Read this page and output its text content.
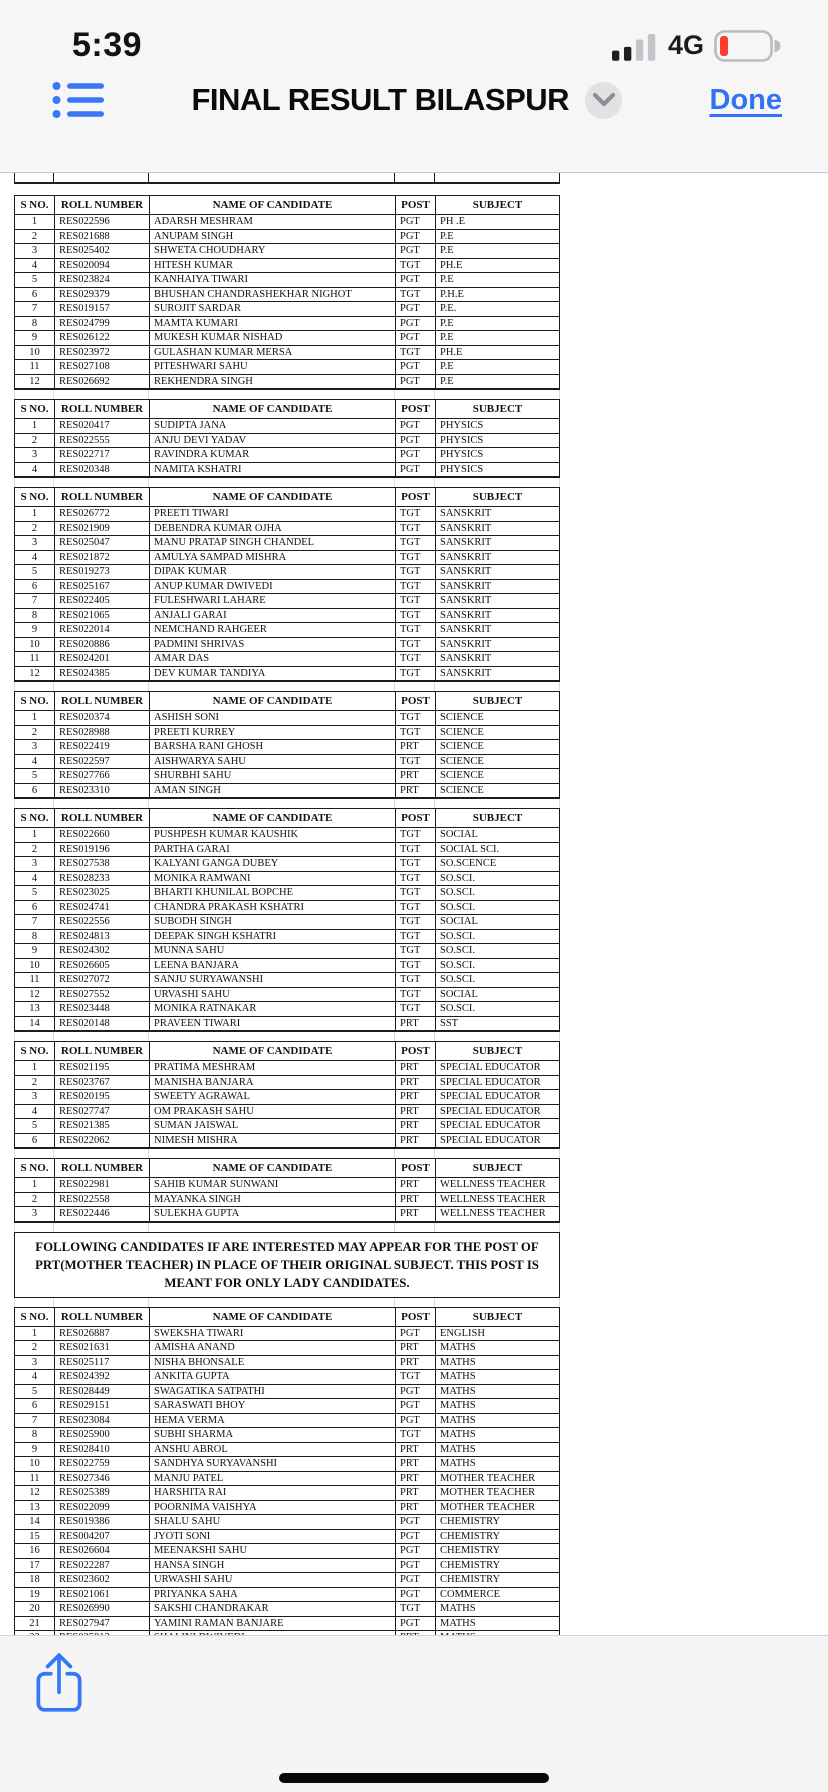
5:39	4G
FINAL RESULT BILASPUR	Done
S NO.	ROLL NUMBER	NAME OF CANDIDATE	POST	SUBJECT
1	RES022596	ADARSH MESHRAM	PGT	PH .E
2	RES021688	ANUPAM SINGH	PGT	P.E
3	RES025402	SHWETA CHOUDHARY	PGT	P.E
4	RES020094	HITESH KUMAR	TGT	PH.E
5	RES023824	KANHAIYA TIWARI	PGT	P.E
6	RES029379	BHUSHAN CHANDRASHEKHAR NIGHOT	TGT	P.H.E
7	RES019157	SUROJIT SARDAR	PGT	P.E.
8	RES024799	MAMTA KUMARI	PGT	P.E
9	RES026122	MUKESH KUMAR NISHAD	PGT	P.E
10	RES023972	GULASHAN KUMAR MERSA	TGT	PH.E
11	RES027108	PITESHWARI SAHU	PGT	P.E
12	RES026692	REKHENDRA SINGH	PGT	P.E
S NO.	ROLL NUMBER	NAME OF CANDIDATE	POST	SUBJECT
1	RES020417	SUDIPTA JANA	PGT	PHYSICS
2	RES022555	ANJU DEVI YADAV	PGT	PHYSICS
3	RES022717	RAVINDRA KUMAR	PGT	PHYSICS
4	RES020348	NAMITA KSHATRI	PGT	PHYSICS
S NO.	ROLL NUMBER	NAME OF CANDIDATE	POST	SUBJECT
1	RES026772	PREETI TIWARI	TGT	SANSKRIT
2	RES021909	DEBENDRA KUMAR OJHA	TGT	SANSKRIT
3	RES025047	MANU PRATAP SINGH CHANDEL	TGT	SANSKRIT
4	RES021872	AMULYA SAMPAD MISHRA	TGT	SANSKRIT
5	RES019273	DIPAK KUMAR	TGT	SANSKRIT
6	RES025167	ANUP KUMAR DWIVEDI	TGT	SANSKRIT
7	RES022405	FULESHWARI LAHARE	TGT	SANSKRIT
8	RES021065	ANJALI GARAI	TGT	SANSKRIT
9	RES022014	NEMCHAND RAHGEER	TGT	SANSKRIT
10	RES020886	PADMINI SHRIVAS	TGT	SANSKRIT
11	RES024201	AMAR DAS	TGT	SANSKRIT
12	RES024385	DEV KUMAR TANDIYA	TGT	SANSKRIT
S NO.	ROLL NUMBER	NAME OF CANDIDATE	POST	SUBJECT
1	RES020374	ASHISH SONI	TGT	SCIENCE
2	RES028988	PREETI KURREY	TGT	SCIENCE
3	RES022419	BARSHA RANI GHOSH	PRT	SCIENCE
4	RES022597	AISHWARYA SAHU	TGT	SCIENCE
5	RES027766	SHURBHI SAHU	PRT	SCIENCE
6	RES023310	AMAN SINGH	PRT	SCIENCE
S NO.	ROLL NUMBER	NAME OF CANDIDATE	POST	SUBJECT
1	RES022660	PUSHPESH KUMAR KAUSHIK	TGT	SOCIAL
2	RES019196	PARTHA GARAI	TGT	SOCIAL SCI.
3	RES027538	KALYANI GANGA DUBEY	TGT	SO.SCENCE
4	RES028233	MONIKA RAMWANI	TGT	SO.SCI.
5	RES023025	BHARTI KHUNILAL BOPCHE	TGT	SO.SCI.
6	RES024741	CHANDRA PRAKASH KSHATRI	TGT	SO.SCI.
7	RES022556	SUBODH SINGH	TGT	SOCIAL
8	RES024813	DEEPAK SINGH KSHATRI	TGT	SO.SCI.
9	RES024302	MUNNA SAHU	TGT	SO.SCI.
10	RES026605	LEENA BANJARA	TGT	SO.SCI.
11	RES027072	SANJU SURYAWANSHI	TGT	SO.SCI.
12	RES027552	URVASHI SAHU	TGT	SOCIAL
13	RES023448	MONIKA RATNAKAR	TGT	SO.SCI.
14	RES020148	PRAVEEN TIWARI	PRT	SST
S NO.	ROLL NUMBER	NAME OF CANDIDATE	POST	SUBJECT
1	RES021195	PRATIMA MESHRAM	PRT	SPECIAL EDUCATOR
2	RES023767	MANISHA BANJARA	PRT	SPECIAL EDUCATOR
3	RES020195	SWEETY AGRAWAL	PRT	SPECIAL EDUCATOR
4	RES027747	OM PRAKASH SAHU	PRT	SPECIAL EDUCATOR
5	RES021385	SUMAN JAISWAL	PRT	SPECIAL EDUCATOR
6	RES022062	NIMESH MISHRA	PRT	SPECIAL EDUCATOR
S NO.	ROLL NUMBER	NAME OF CANDIDATE	POST	SUBJECT
1	RES022981	SAHIB KUMAR SUNWANI	PRT	WELLNESS TEACHER
2	RES022558	MAYANKA SINGH	PRT	WELLNESS TEACHER
3	RES022446	SULEKHA GUPTA	PRT	WELLNESS TEACHER
FOLLOWING CANDIDATES IF ARE INTERESTED MAY APPEAR FOR THE POST OF PRT(MOTHER TEACHER) IN PLACE OF THEIR ORIGINAL SUBJECT. THIS POST IS MEANT FOR ONLY LADY CANDIDATES.
S NO.	ROLL NUMBER	NAME OF CANDIDATE	POST	SUBJECT
1	RES026887	SWEKSHA TIWARI	PGT	ENGLISH
2	RES021631	AMISHA ANAND	PRT	MATHS
3	RES025117	NISHA BHONSALE	PRT	MATHS
4	RES024392	ANKITA GUPTA	TGT	MATHS
5	RES028449	SWAGATIKA SATPATHI	PGT	MATHS
6	RES029151	SARASWATI BHOY	PGT	MATHS
7	RES023084	HEMA VERMA	PGT	MATHS
8	RES025900	SUBHI SHARMA	TGT	MATHS
9	RES028410	ANSHU ABROL	PRT	MATHS
10	RES022759	SANDHYA SURYAVANSHI	PRT	MATHS
11	RES027346	MANJU PATEL	PRT	MOTHER TEACHER
12	RES025389	HARSHITA RAI	PRT	MOTHER TEACHER
13	RES022099	POORNIMA VAISHYA	PRT	MOTHER TEACHER
14	RES019386	SHALU SAHU	PGT	CHEMISTRY
15	RES004207	JYOTI SONI	PGT	CHEMISTRY
16	RES026604	MEENAKSHI SAHU	PGT	CHEMISTRY
17	RES022287	HANSA SINGH	PGT	CHEMISTRY
18	RES023602	URWASHI SAHU	PGT	CHEMISTRY
19	RES021061	PRIYANKA SAHA	PGT	COMMERCE
20	RES026990	SAKSHI CHANDRAKAR	TGT	MATHS
21	RES027947	YAMINI RAMAN BANJARE	PGT	MATHS
